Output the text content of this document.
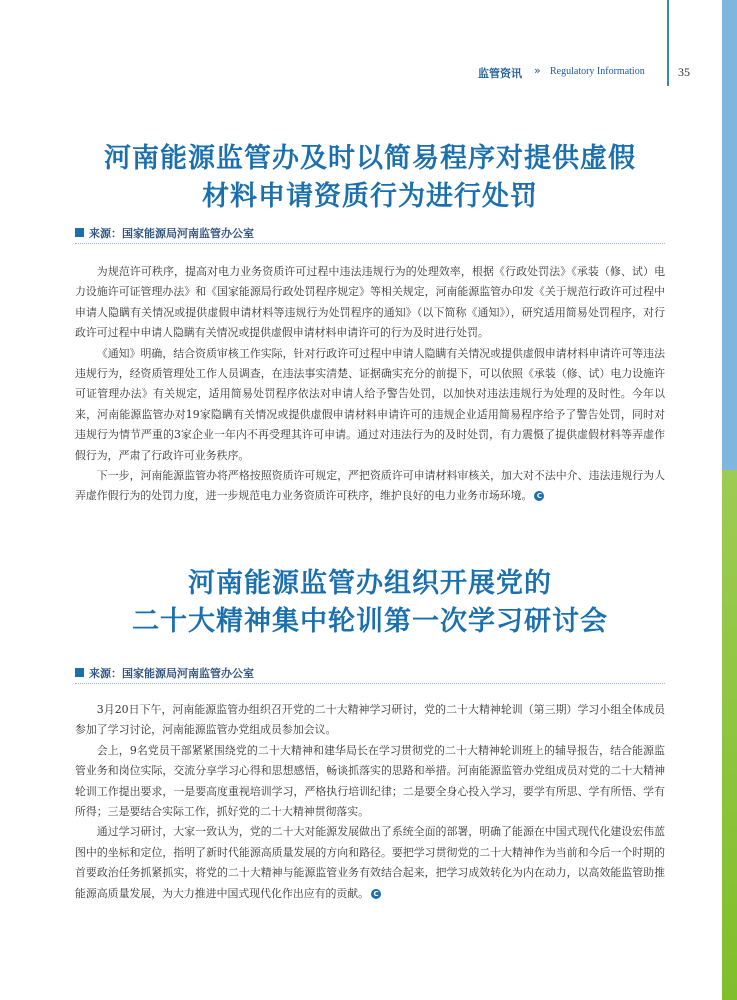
监管资讯 » Regulatory Information	35
河南能源监管办及时以简易程序对提供虚假
材料申请资质行为进行处罚
来源：国家能源局河南监管办公室

为规范许可秩序，提高对电力业务资质许可过程中违法违规行为的处理效率，根据《行政处罚法》《承装（修、试）电力设施许可证管理办法》和《国家能源局行政处罚程序规定》等相关规定，河南能源监管办印发《关于规范行政许可过程中申请人隐瞒有关情况或提供虚假申请材料等违规行为处罚程序的通知》（以下简称《通知》），研究适用简易处罚程序，对行政许可过程中申请人隐瞒有关情况或提供虚假申请材料申请许可的行为及时进行处罚。

《通知》明确，结合资质审核工作实际，针对行政许可过程中申请人隐瞒有关情况或提供虚假申请材料申请许可等违法违规行为，经资质管理处工作人员调查，在违法事实清楚、证据确实充分的前提下，可以依照《承装（修、试）电力设施许可证管理办法》有关规定，适用简易处罚程序依法对申请人给予警告处罚，以加快对违法违规行为处理的及时性。今年以来，河南能源监管办对19家隐瞒有关情况或提供虚假申请材料申请许可的违规企业适用简易程序给予了警告处罚，同时对违规行为情节严重的3家企业一年内不再受理其许可申请。通过对违法行为的及时处罚，有力震慑了提供虚假材料等弄虚作假行为，严肃了行政许可业务秩序。

下一步，河南能源监管办将严格按照资质许可规定，严把资质许可申请材料审核关，加大对不法中介、违法违规行为人弄虚作假行为的处罚力度，进一步规范电力业务资质许可秩序，维护良好的电力业务市场环境。 C

河南能源监管办组织开展党的
二十大精神集中轮训第一次学习研讨会
来源：国家能源局河南监管办公室

3月20日下午，河南能源监管办组织召开党的二十大精神学习研讨，党的二十大精神轮训（第三期）学习小组全体成员参加了学习讨论，河南能源监管办党组成员参加会议。

会上，9名党员干部紧紧围绕党的二十大精神和建华局长在学习贯彻党的二十大精神轮训班上的辅导报告，结合能源监管业务和岗位实际，交流分享学习心得和思想感悟，畅谈抓落实的思路和举措。河南能源监管办党组成员对党的二十大精神轮训工作提出要求，一是要高度重视培训学习，严格执行培训纪律；二是要全身心投入学习，要学有所思、学有所悟、学有所得；三是要结合实际工作，抓好党的二十大精神贯彻落实。

通过学习研讨，大家一致认为，党的二十大对能源发展做出了系统全面的部署，明确了能源在中国式现代化建设宏伟蓝图中的坐标和定位，指明了新时代能源高质量发展的方向和路径。要把学习贯彻党的二十大精神作为当前和今后一个时期的首要政治任务抓紧抓实，将党的二十大精神与能源监管业务有效结合起来，把学习成效转化为内在动力，以高效能监管助推能源高质量发展，为大力推进中国式现代化作出应有的贡献。 C
